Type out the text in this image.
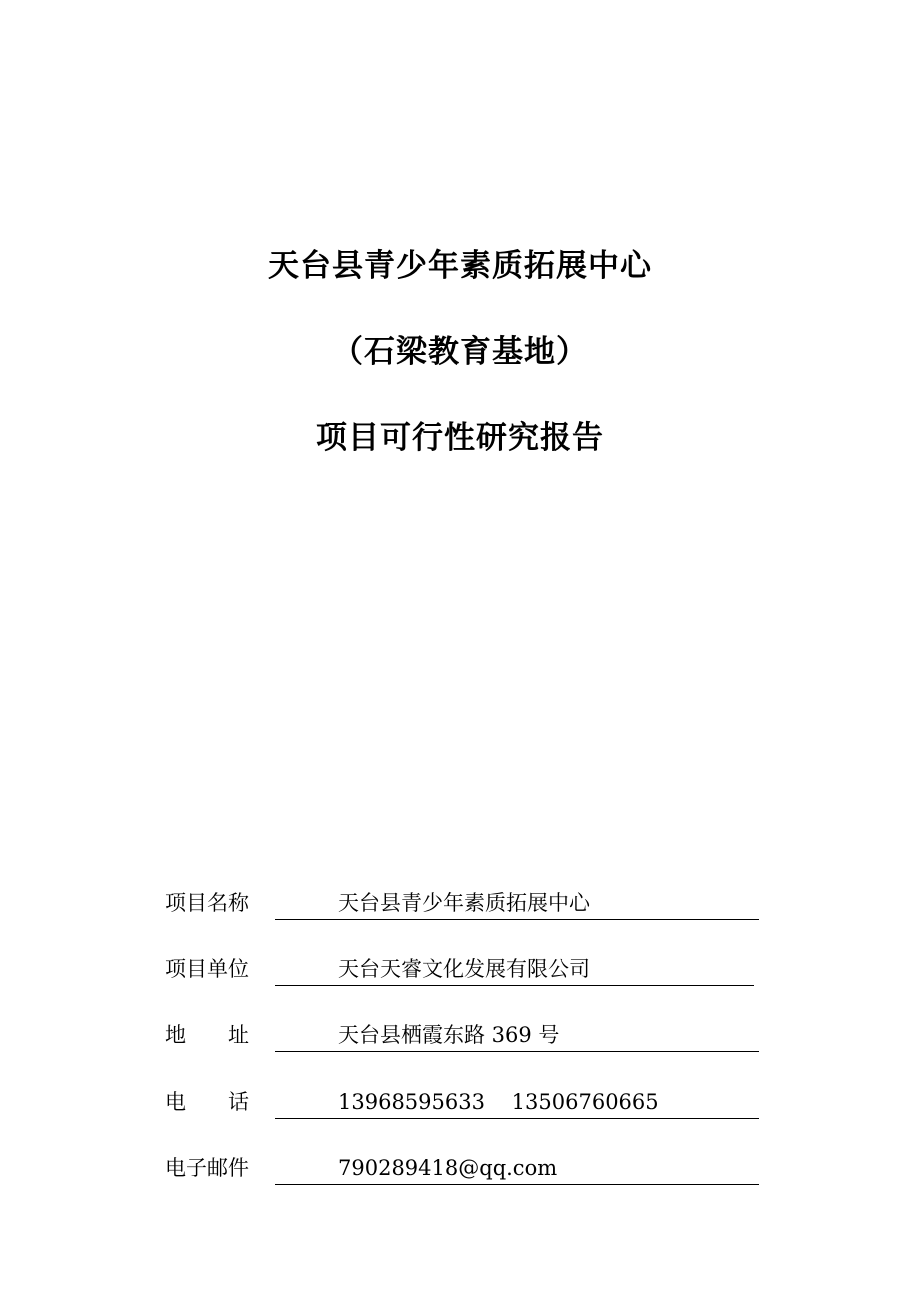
天台县青少年素质拓展中心
（石梁教育基地）
项目可行性研究报告
项目名称	天台县青少年素质拓展中心
项目单位	天台天睿文化发展有限公司
地　　址	天台县栖霞东路 369 号
电　　话	13968595633    13506760665
电子邮件	790289418@qq.com
